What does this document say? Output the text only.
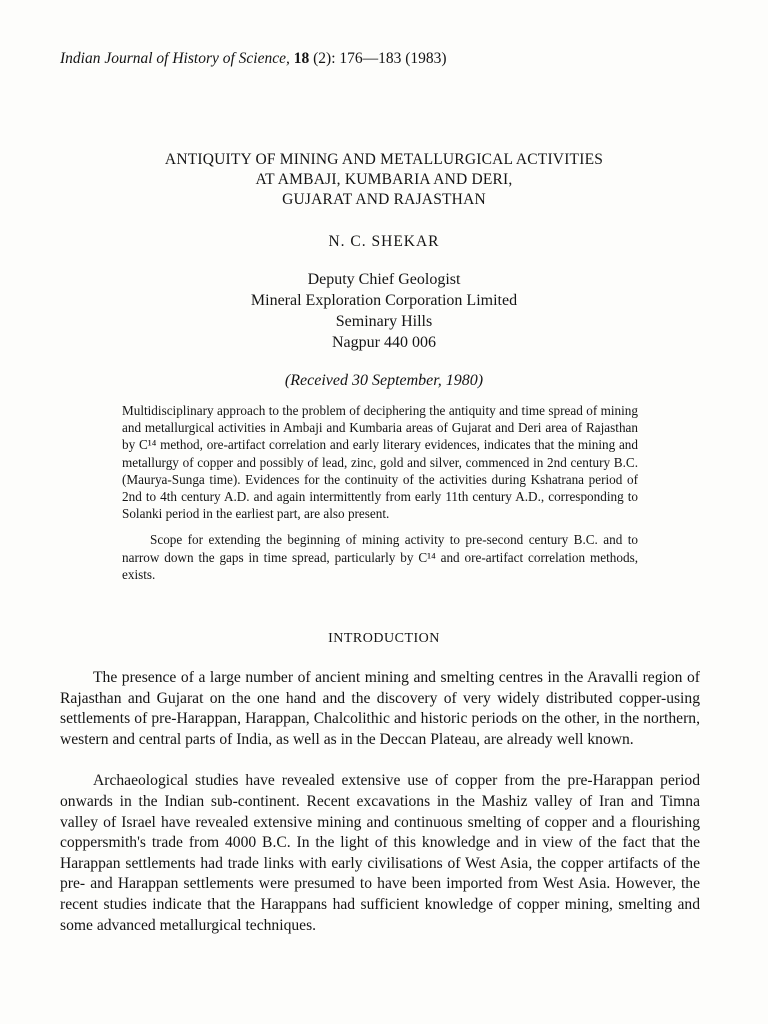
Indian Journal of History of Science, 18 (2): 176—183 (1983)
ANTIQUITY OF MINING AND METALLURGICAL ACTIVITIES
AT AMBAJI, KUMBARIA AND DERI,
GUJARAT AND RAJASTHAN
N. C. SHEKAR
Deputy Chief Geologist
Mineral Exploration Corporation Limited
Seminary Hills
Nagpur 440 006
(Received 30 September, 1980)

Multidisciplinary approach to the problem of deciphering the antiquity and time spread of mining and metallurgical activities in Ambaji and Kumbaria areas of Gujarat and Deri area of Rajasthan by C¹⁴ method, ore-artifact correlation and early literary evidences, indicates that the mining and metallurgy of copper and possibly of lead, zinc, gold and silver, commenced in 2nd century B.C. (Maurya-Sunga time). Evidences for the continuity of the activities during Kshatrana period of 2nd to 4th century A.D. and again intermittently from early 11th century A.D., corresponding to Solanki period in the earliest part, are also present.

Scope for extending the beginning of mining activity to pre-second century B.C. and to narrow down the gaps in time spread, particularly by C¹⁴ and ore-artifact correlation methods, exists.

INTRODUCTION

The presence of a large number of ancient mining and smelting centres in the Aravalli region of Rajasthan and Gujarat on the one hand and the discovery of very widely distributed copper-using settlements of pre-Harappan, Harappan, Chalcolithic and historic periods on the other, in the northern, western and central parts of India, as well as in the Deccan Plateau, are already well known.

Archaeological studies have revealed extensive use of copper from the pre-Harappan period onwards in the Indian sub-continent. Recent excavations in the Mashiz valley of Iran and Timna valley of Israel have revealed extensive mining and continuous smelting of copper and a flourishing coppersmith's trade from 4000 B.C. In the light of this knowledge and in view of the fact that the Harappan settlements had trade links with early civilisations of West Asia, the copper artifacts of the pre- and Harappan settlements were presumed to have been imported from West Asia. However, the recent studies indicate that the Harappans had sufficient knowledge of copper mining, smelting and some advanced metallurgical techniques.
